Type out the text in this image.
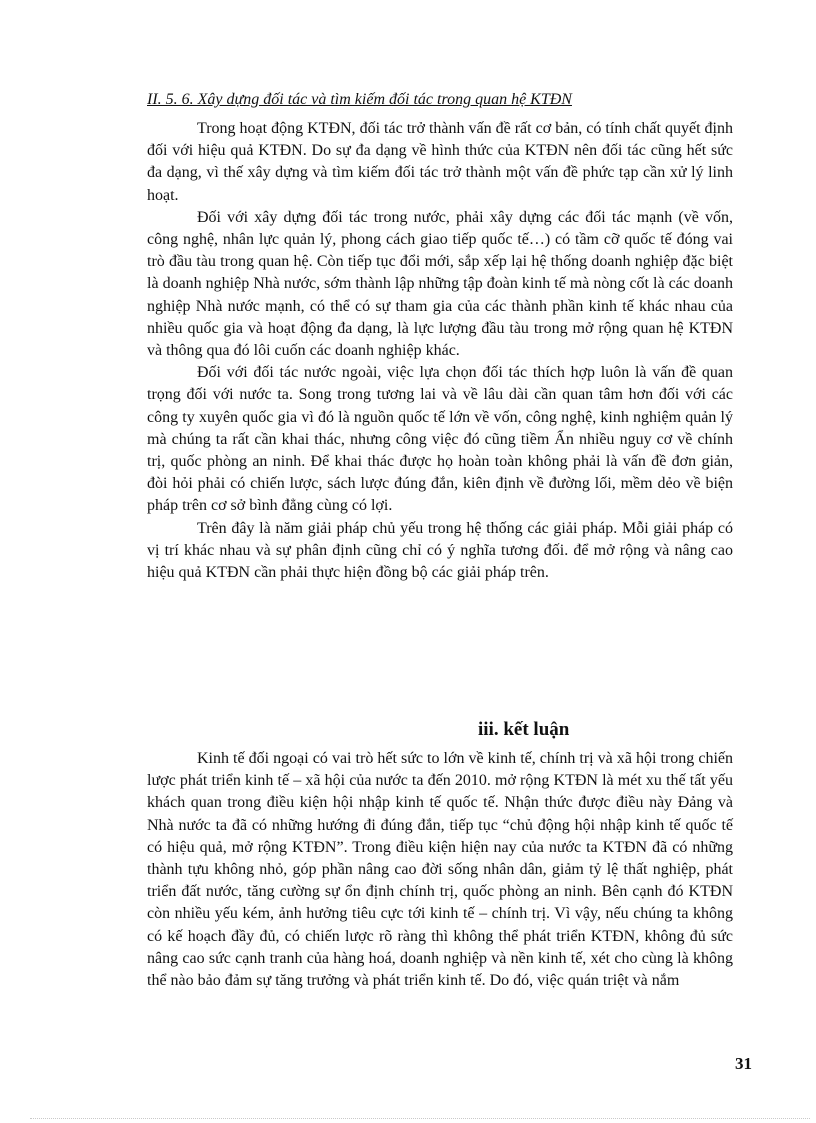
II. 5. 6. Xây dựng đối tác và tìm kiếm đối tác trong quan hệ KTĐN

Trong hoạt động KTĐN, đối tác trở thành vấn đề rất cơ bản, có tính chất quyết định đối với hiệu quả KTĐN. Do sự đa dạng về hình thức của KTĐN nên đối tác cũng hết sức đa dạng, vì thế xây dựng và tìm kiếm đối tác trở thành một vấn đề phức tạp cần xử lý linh hoạt.

Đối với xây dựng đối tác trong nước, phải xây dựng các đối tác mạnh (về vốn, công nghệ, nhân lực quản lý, phong cách giao tiếp quốc tế…) có tầm cỡ quốc tế đóng vai trò đầu tàu trong quan hệ. Còn tiếp tục đổi mới, sắp xếp lại hệ thống doanh nghiệp đặc biệt là doanh nghiệp Nhà nước, sớm thành lập những tập đoàn kinh tế mà nòng cốt là các doanh nghiệp Nhà nước mạnh, có thể có sự tham gia của các thành phần kinh tế khác nhau của nhiều quốc gia và hoạt động đa dạng, là lực lượng đầu tàu trong mở rộng quan hệ KTĐN và thông qua đó lôi cuốn các doanh nghiệp khác.

Đối với đối tác nước ngoài, việc lựa chọn đối tác thích hợp luôn là vấn đề quan trọng đối với nước ta. Song trong tương lai và về lâu dài cần quan tâm hơn đối với các công ty xuyên quốc gia vì đó là nguồn quốc tế lớn về vốn, công nghệ, kinh nghiệm quản lý mà chúng ta rất cần khai thác, nhưng công việc đó cũng tiềm Ẩn nhiều nguy cơ về chính trị, quốc phòng an ninh. Để khai thác được họ hoàn toàn không phải là vấn đề đơn giản, đòi hỏi phải có chiến lược, sách lược đúng đắn, kiên định về đường lối, mềm dẻo về biện pháp trên cơ sở bình đẳng cùng có lợi.

Trên đây là năm giải pháp chủ yếu trong hệ thống các giải pháp. Mỗi giải pháp có vị trí khác nhau và sự phân định cũng chỉ có ý nghĩa tương đối. để mở rộng và nâng cao hiệu quả KTĐN cần phải thực hiện đồng bộ các giải pháp trên.

iii. kết luận

Kinh tế đối ngoại có vai trò hết sức to lớn về kinh tế, chính trị và xã hội trong chiến lược phát triển kinh tế – xã hội của nước ta đến 2010. mở rộng KTĐN là mét xu thế tất yếu khách quan trong điều kiện hội nhập kinh tế quốc tế. Nhận thức được điều này Đảng và Nhà nước ta đã có những hướng đi đúng đắn, tiếp tục “chủ động hội nhập kinh tế quốc tế có hiệu quả, mở rộng KTĐN”. Trong điều kiện hiện nay của nước ta KTĐN đã có những thành tựu không nhỏ, góp phần nâng cao đời sống nhân dân, giảm tỷ lệ thất nghiệp, phát triển đất nước, tăng cường sự ổn định chính trị, quốc phòng an ninh. Bên cạnh đó KTĐN còn nhiều yếu kém, ảnh hưởng tiêu cực tới kinh tế – chính trị. Vì vậy, nếu chúng ta không có kế hoạch đầy đủ, có chiến lược rõ ràng thì không thể phát triển KTĐN, không đủ sức nâng cao sức cạnh tranh của hàng hoá, doanh nghiệp và nền kinh tế, xét cho cùng là không thể nào bảo đảm sự tăng trưởng và phát triển kinh tế. Do đó, việc quán triệt và nắm

31
